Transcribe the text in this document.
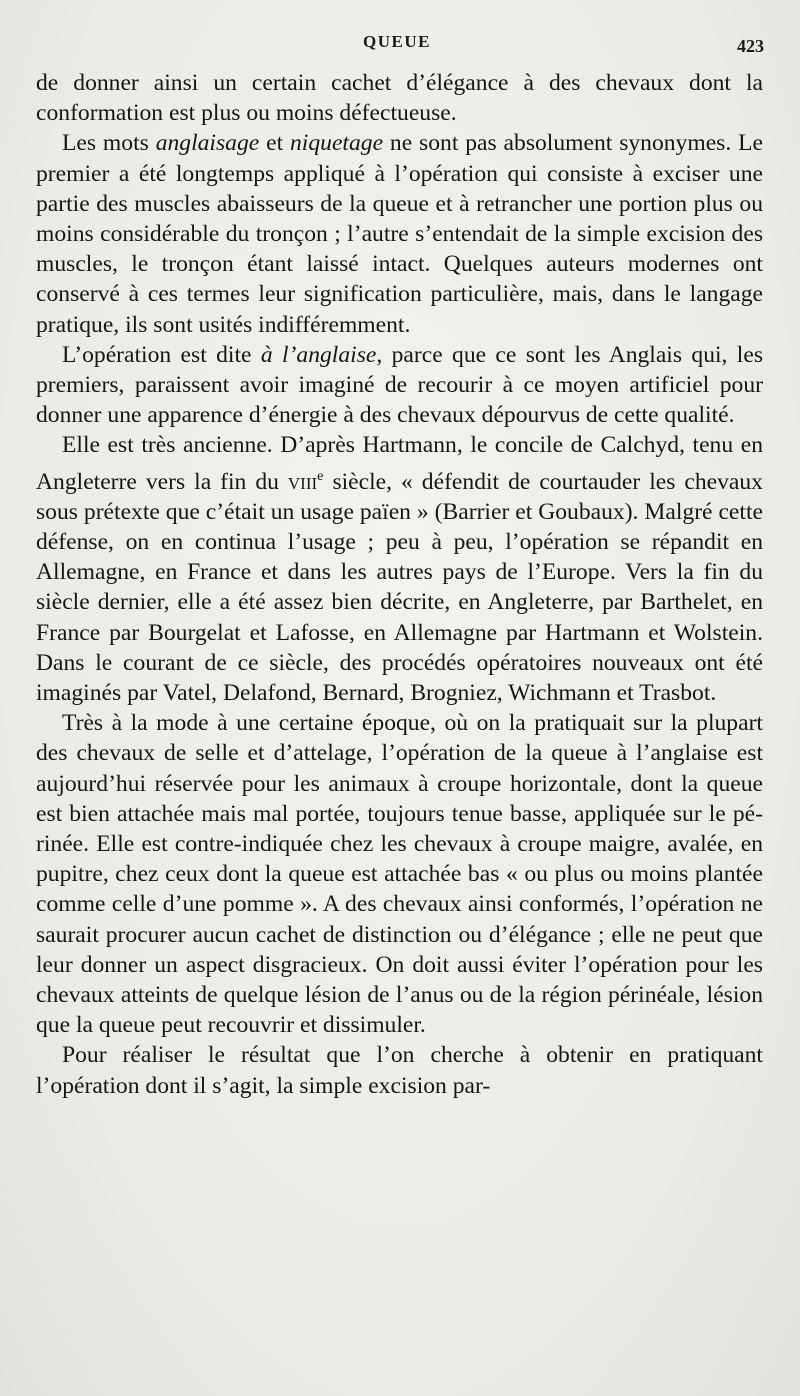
QUEUE	423

de donner ainsi un certain cachet d’élégance à des chevaux dont la conformation est plus ou moins défectueuse.

Les mots anglaisage et niquetage ne sont pas absolument synonymes. Le premier a été longtemps appliqué à l’opération qui consiste à exciser une partie des muscles abaisseurs de la queue et à retrancher une portion plus ou moins considérable du tronçon ; l’autre s’entendait de la simple excision des muscles, le tronçon étant laissé intact. Quelques auteurs modernes ont conservé à ces termes leur signification particulière, mais, dans le langage pratique, ils sont usités indifféremment.

L’opération est dite à l’anglaise, parce que ce sont les Anglais qui, les premiers, paraissent avoir imaginé de recourir à ce moyen artificiel pour donner une apparence d’énergie à des chevaux dépourvus de cette qualité.

Elle est très ancienne. D’après Hartmann, le concile de Calchyd, tenu en Angleterre vers la fin du viii$^e$ siècle, « défendit de courtauder les chevaux sous prétexte que c’était un usage païen » (Barrier et Goubaux). Malgré cette défense, on en continua l’usage ; peu à peu, l’opération se répandit en Allemagne, en France et dans les autres pays de l’Europe. Vers la fin du siècle dernier, elle a été assez bien décrite, en Angleterre, par Barthelet, en France par Bourgelat et Lafosse, en Allemagne par Hartmann et Wolstein. Dans le courant de ce siècle, des procédés opératoires nouveaux ont été imaginés par Vatel, Delafond, Bernard, Brogniez, Wichmann et Trasbot.

Très à la mode à une certaine époque, où on la pratiquait sur la plupart des chevaux de selle et d’attelage, l’opération de la queue à l’anglaise est aujourd’hui réservée pour les animaux à croupe horizontale, dont la queue est bien attachée mais mal portée, toujours tenue basse, appliquée sur le périnée. Elle est contre-indiquée chez les chevaux à croupe maigre, avalée, en pupitre, chez ceux dont la queue est attachée bas « ou plus ou moins plantée comme celle d’une pomme ». A des chevaux ainsi conformés, l’opération ne saurait procurer aucun cachet de distinction ou d’élégance ; elle ne peut que leur donner un aspect disgracieux. On doit aussi éviter l’opération pour les chevaux atteints de quelque lésion de l’anus ou de la région périnéale, lésion que la queue peut recouvrir et dissimuler.

Pour réaliser le résultat que l’on cherche à obtenir en pratiquant l’opération dont il s’agit, la simple excision par-
